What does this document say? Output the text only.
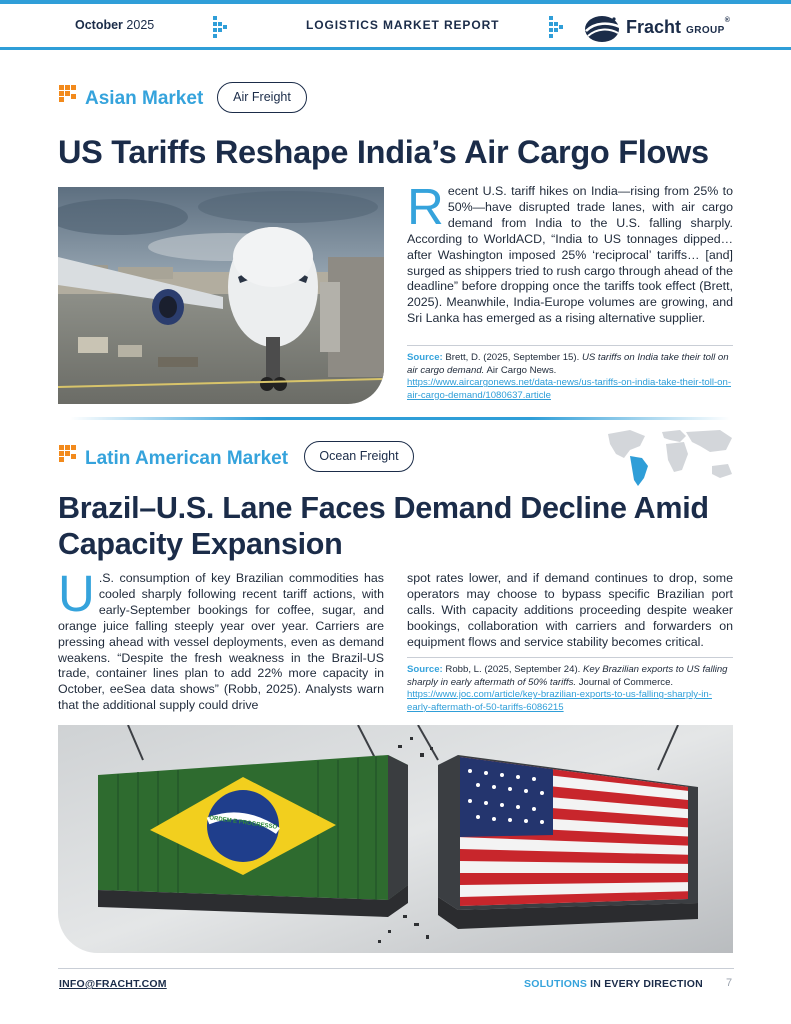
October 2025	LOGISTICS MARKET REPORT	Fracht GROUP®
Asian Market	Air Freight
US Tariffs Reshape India’s Air Cargo Flows
Recent U.S. tariff hikes on India—rising from 25% to 50%—have disrupted trade lanes, with air cargo demand from India to the U.S. falling sharply. According to WorldACD, “India to US tonnages dipped… after Washington imposed 25% ‘reciprocal’ tariffs… [and] surged as shippers tried to rush cargo through ahead of the deadline” before dropping once the tariffs took effect (Brett, 2025). Meanwhile, India-Europe volumes are growing, and Sri Lanka has emerged as a rising alternative supplier.
Source: Brett, D. (2025, September 15). US tariffs on India take their toll on air cargo demand. Air Cargo News.
https://www.aircargonews.net/data-news/us-tariffs-on-india-take-their-toll-on-air-cargo-demand/1080637.article
Latin American Market	Ocean Freight
Brazil–U.S. Lane Faces Demand Decline Amid
Capacity Expansion
U .S. consumption of key Brazilian commodities has cooled sharply following recent tariff actions, with early-September bookings for coffee, sugar, and orange juice falling steeply year over year. Carriers are pressing ahead with vessel deployments, even as demand weakens. “Despite the fresh weakness in the Brazil-US trade, container lines plan to add 22% more capacity in October, eeSea data shows” (Robb, 2025). Analysts warn that the additional supply could drive
spot rates lower, and if demand continues to drop, some operators may choose to bypass specific Brazilian port calls. With capacity additions proceeding despite weaker bookings, collaboration with carriers and forwarders on equipment flows and service stability becomes critical.
Source: Robb, L. (2025, September 24). Key Brazilian exports to US falling sharply in early aftermath of 50% tariffs. Journal of Commerce.
https://www.joc.com/article/key-brazilian-exports-to-us-falling-sharply-in-early-aftermath-of-50-tariffs-6086215
ORDEM E PROGRESSO
INFO@FRACHT.COM	SOLUTIONS IN EVERY DIRECTION 7
